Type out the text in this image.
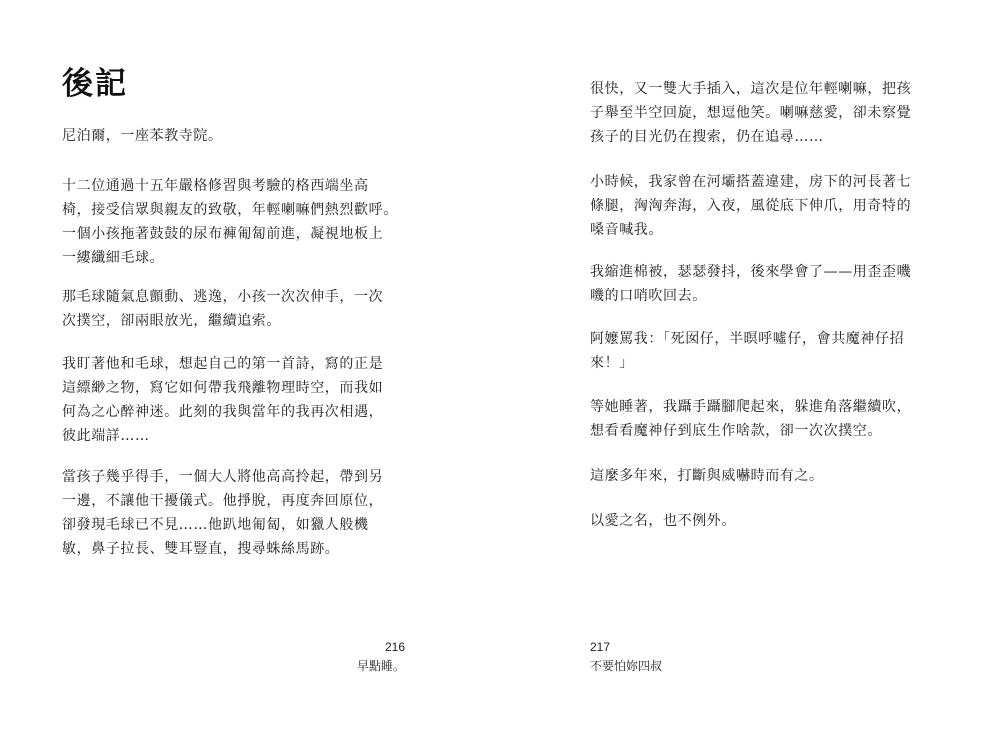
後記

尼泊爾，一座苯教寺院。

十二位通過十五年嚴格修習與考驗的格西端坐高
椅，接受信眾與親友的致敬，年輕喇嘛們熱烈歡呼。
一個小孩拖著鼓鼓的尿布褲匍匐前進，凝視地板上
一縷纖細毛球。

那毛球隨氣息顫動、逃逸，小孩一次次伸手，一次
次撲空，卻兩眼放光，繼續追索。

我盯著他和毛球，想起自己的第一首詩，寫的正是
這縹緲之物，寫它如何帶我飛離物理時空，而我如
何為之心醉神迷。此刻的我與當年的我再次相遇，
彼此端詳……

當孩子幾乎得手，一個大人將他高高拎起，帶到另
一邊，不讓他干擾儀式。他掙脫，再度奔回原位，
卻發現毛球已不見……他趴地匍匐，如獵人般機
敏，鼻子拉長、雙耳豎直，搜尋蛛絲馬跡。

216
早點睡。

很快，又一雙大手插入，這次是位年輕喇嘛，把孩
子舉至半空回旋，想逗他笑。喇嘛慈愛，卻未察覺
孩子的目光仍在搜索，仍在追尋……

小時候，我家曾在河壩搭蓋違建，房下的河長著七
條腿，洶洶奔海，入夜，風從底下伸爪，用奇特的
嗓音喊我。

我縮進棉被，瑟瑟發抖，後來學會了——用歪歪嘰
嘰的口哨吹回去。

阿嬤罵我：「死囡仔，半暝呼噓仔，會共魔神仔招
來！」

等她睡著，我躡手躡腳爬起來，躲進角落繼續吹，
想看看魔神仔到底生作啥款，卻一次次撲空。

這麼多年來，打斷與威嚇時而有之。

以愛之名，也不例外。

217
不要怕妳四叔
